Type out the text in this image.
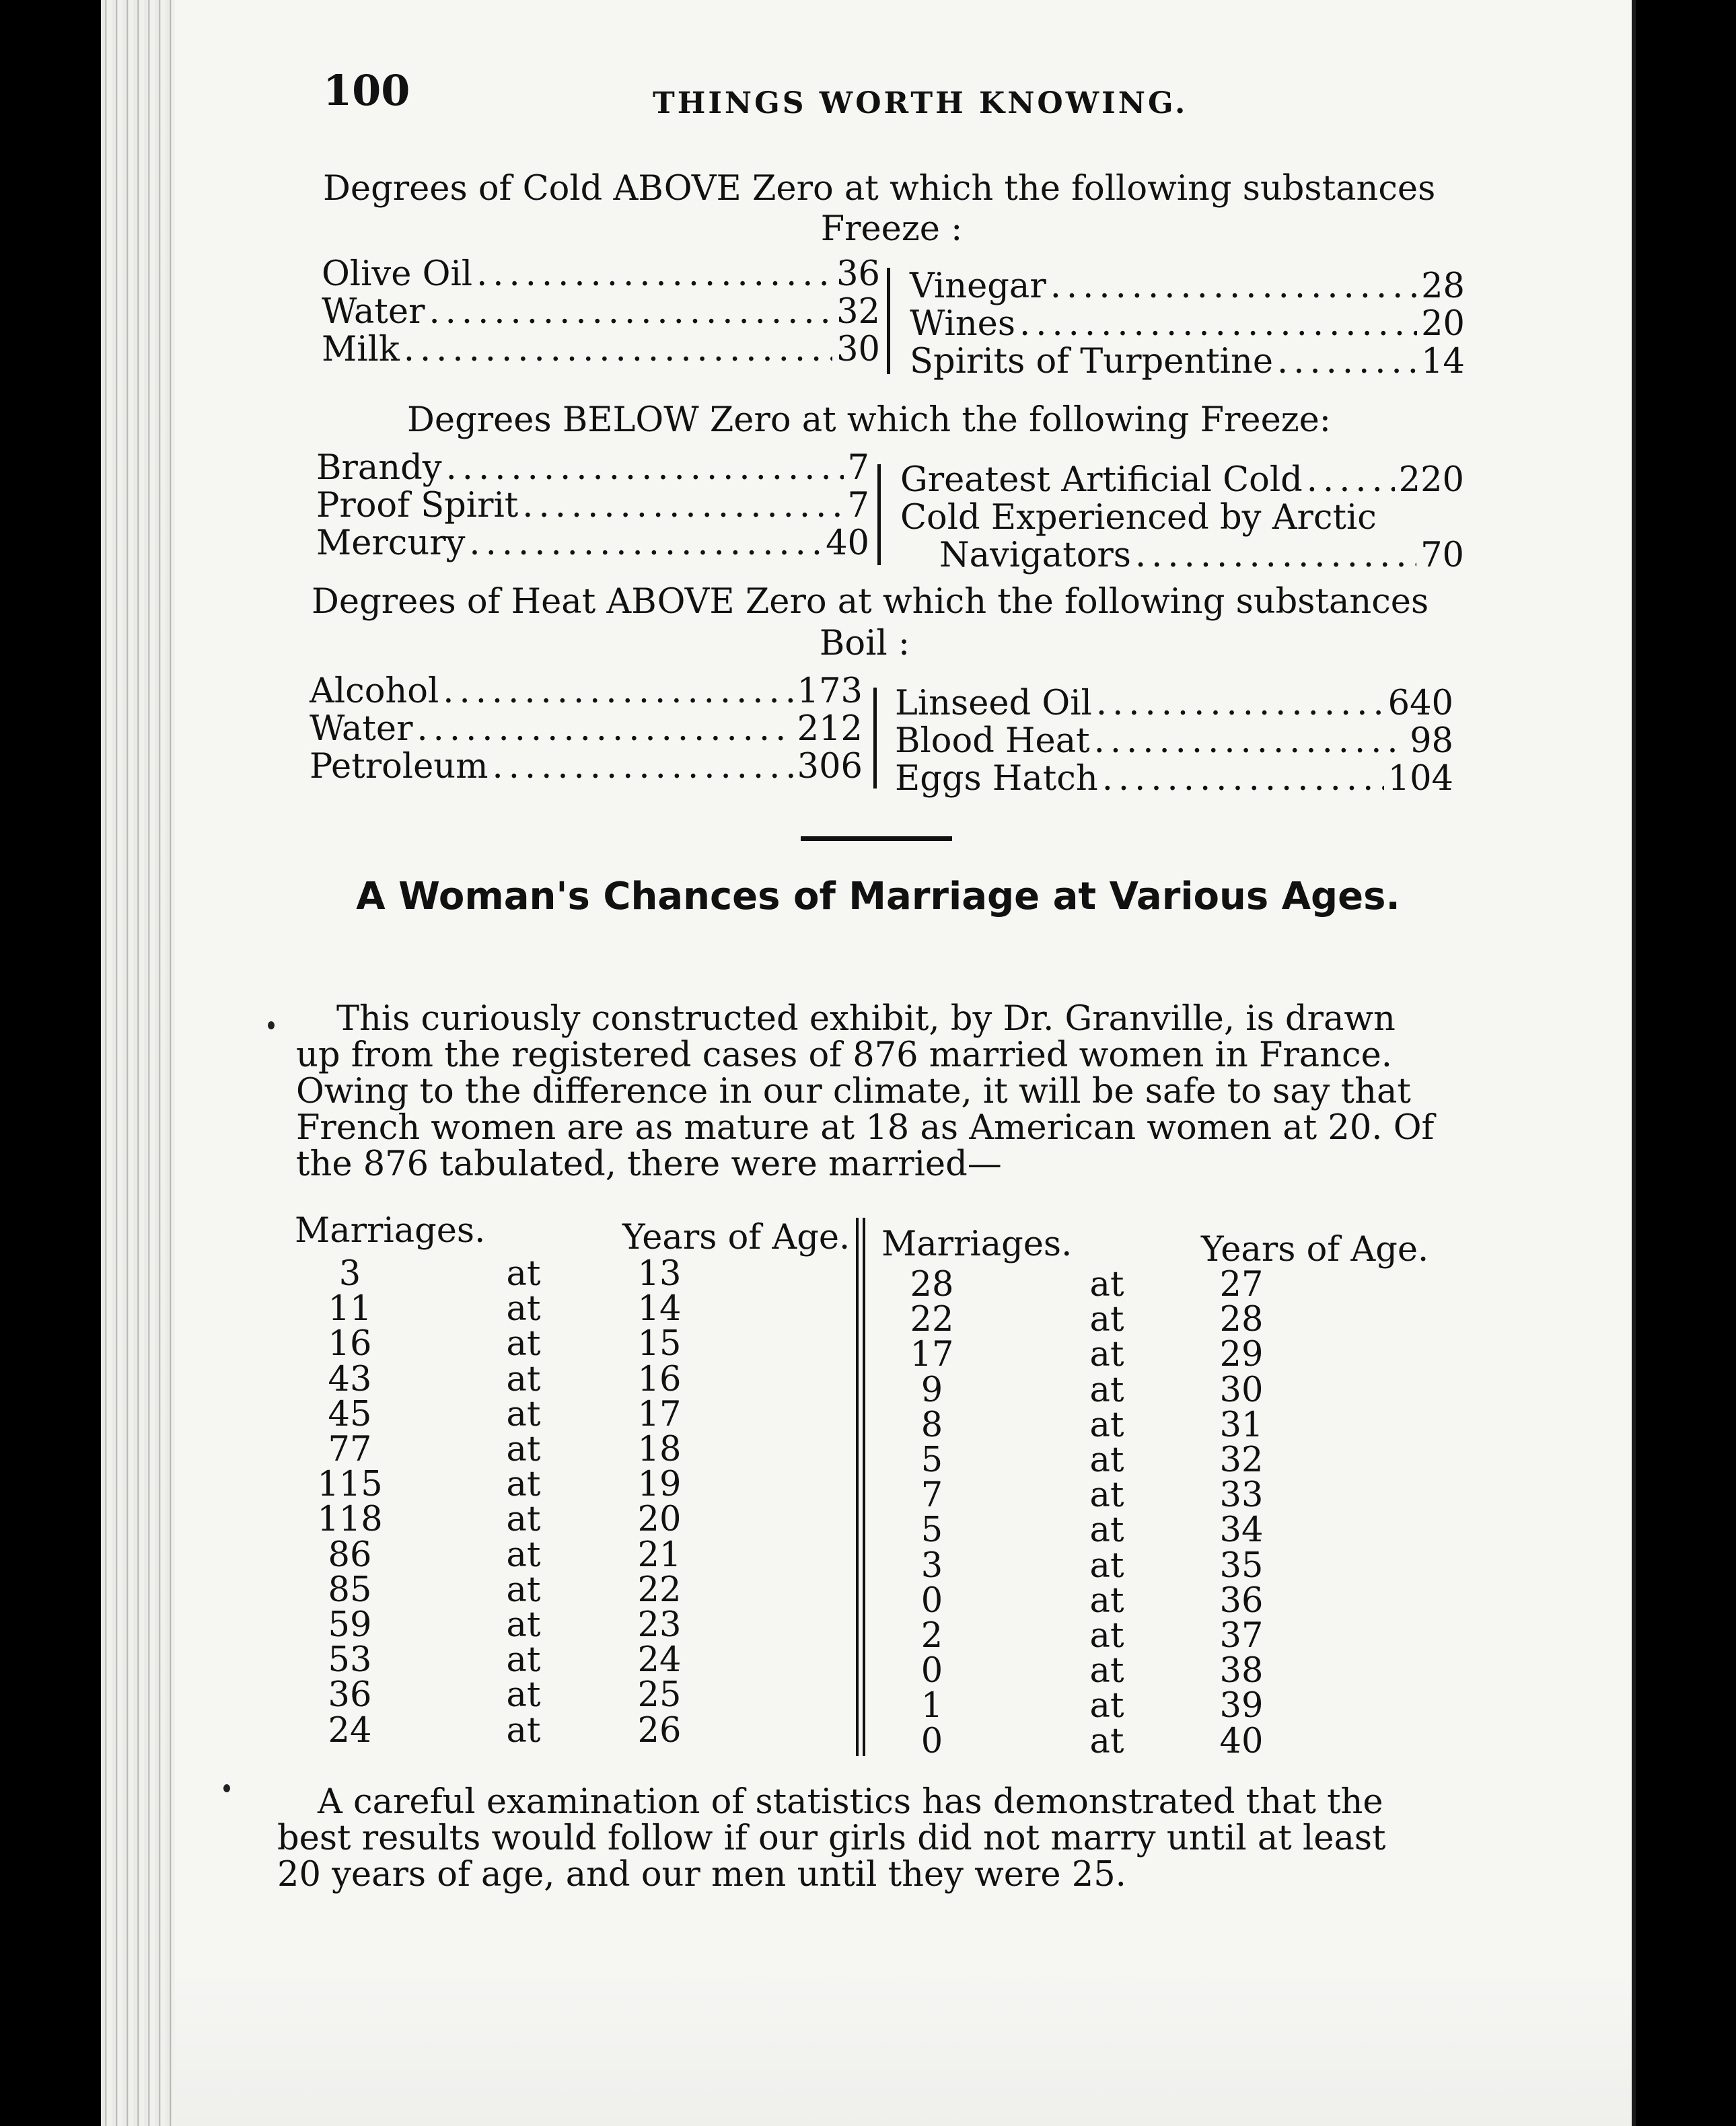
100	THINGS WORTH KNOWING.
Degrees of Cold ABOVE Zero at which the following substances
Freeze :
Olive Oil .....	36
Water .....	32
Milk .....	30
Vinegar .....	28
Wines .....	20
Spirits of Turpentine .....	14
Degrees BELOW Zero at which the following Freeze:
Brandy .....	7
Proof Spirit .....	7
Mercury .....	40
Greatest Artificial Cold .....	220
Cold Experienced by Arctic
Navigators .....	70
Degrees of Heat ABOVE Zero at which the following substances
Boil :
Alcohol .....	173
Water .....	212
Petroleum .....	306
Linseed Oil .....	640
Blood Heat .....	98
Eggs Hatch .....	104
A Woman's Chances of Marriage at Various Ages.
This curiously constructed exhibit, by Dr. Granville, is drawn up from the registered cases of 876 married women in France. Owing to the difference in our climate, it will be safe to say that French women are as mature at 18 as American women at 20. Of the 876 tabulated, there were married—
Marriages.	Years of Age. Marriages.	Years of Age.
3	at	13
11	at	14
16	at	15
43	at	16
45	at	17
77	at	18
115	at	19
118	at	20
86	at	21
85	at	22
59	at	23
53	at	24
36	at	25
24	at	26
28	at	27
22	at	28
17	at	29
9	at	30
8	at	31
5	at	32
7	at	33
5	at	34
3	at	35
0	at	36
2	at	37
0	at	38
1	at	39
0	at	40
A careful examination of statistics has demonstrated that the best results would follow if our girls did not marry until at least 20 years of age, and our men until they were 25.
